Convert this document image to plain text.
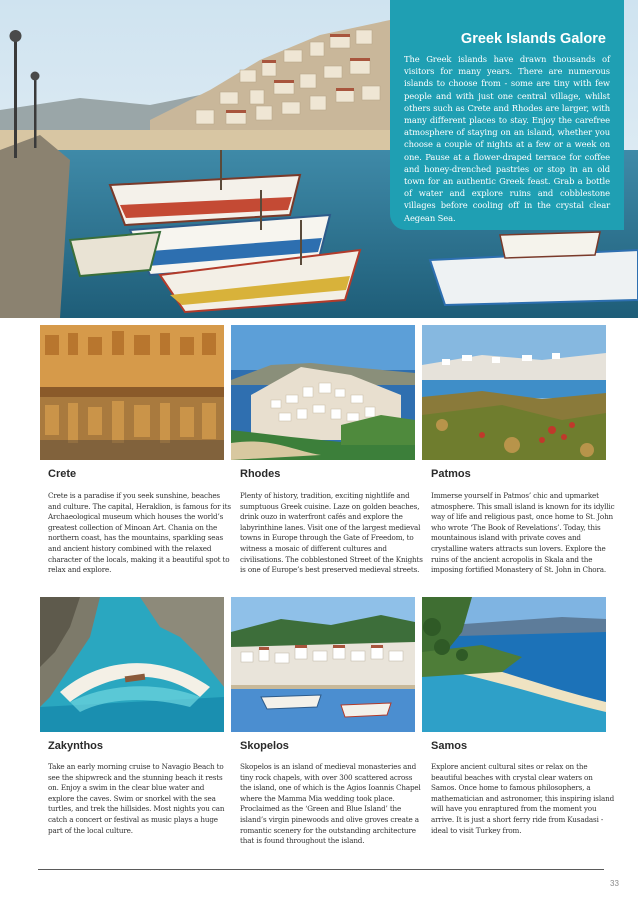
Greek Islands Galore

The Greek islands have drawn thousands of visitors for many years. There are numerous islands to choose from - some are tiny with few people and with just one central village, whilst others such as Crete and Rhodes are larger, with many different places to stay. Enjoy the carefree atmosphere of staying on an island, whether you choose a couple of nights at a few or a week on one. Pause at a flower-draped terrace for coffee and honey-drenched pastries or stop in an old town for an authentic Greek feast. Grab a bottle of water and explore ruins and cobblestone villages before cooling off in the crystal clear Aegean Sea.

Crete

Crete is a paradise if you seek sunshine, beaches and culture. The capital, Heraklion, is famous for its Archaeological museum which houses the world’s greatest collection of Minoan Art. Chania on the northern coast, has the mountains, sparkling seas and ancient history combined with the relaxed character of the locals, making it a beautiful spot to relax and explore.

Rhodes

Plenty of history, tradition, exciting nightlife and sumptuous Greek cuisine. Laze on golden beaches, drink ouzo in waterfront cafés and explore the labyrinthine lanes. Visit one of the largest medieval towns in Europe through the Gate of Freedom, to witness a mosaic of different cultures and civilisations. The cobblestoned Street of the Knights is one of Europe’s best preserved medieval streets.

Patmos

Immerse yourself in Patmos’ chic and upmarket atmosphere. This small island is known for its idyllic way of life and religious past, once home to St. John who wrote ‘The Book of Revelations’. Today, this mountainous island with private coves and crystalline waters attracts sun lovers. Explore the ruins of the ancient acropolis in Skala and the imposing fortified Monastery of St. John in Chora.

Zakynthos

Take an early morning cruise to Navagio Beach to see the shipwreck and the stunning beach it rests on. Enjoy a swim in the clear blue water and explore the caves. Swim or snorkel with the sea turtles, and trek the hillsides. Most nights you can catch a concert or festival as music plays a huge part of the local culture.

Skopelos

Skopelos is an island of medieval monasteries and tiny rock chapels, with over 300 scattered across the island, one of which is the Agios Ioannis Chapel where the Mamma Mia wedding took place. Proclaimed as the ‘Green and Blue Island’ the island’s virgin pinewoods and olive groves create a romantic scenery for the outstanding architecture that is found throughout the island.

Samos

Explore ancient cultural sites or relax on the beautiful beaches with crystal clear waters on Samos. Once home to famous philosophers, a mathematician and astronomer, this inspiring island will have you enraptured from the moment you arrive. It is just a short ferry ride from Kusadasi - ideal to visit Turkey from.

33
